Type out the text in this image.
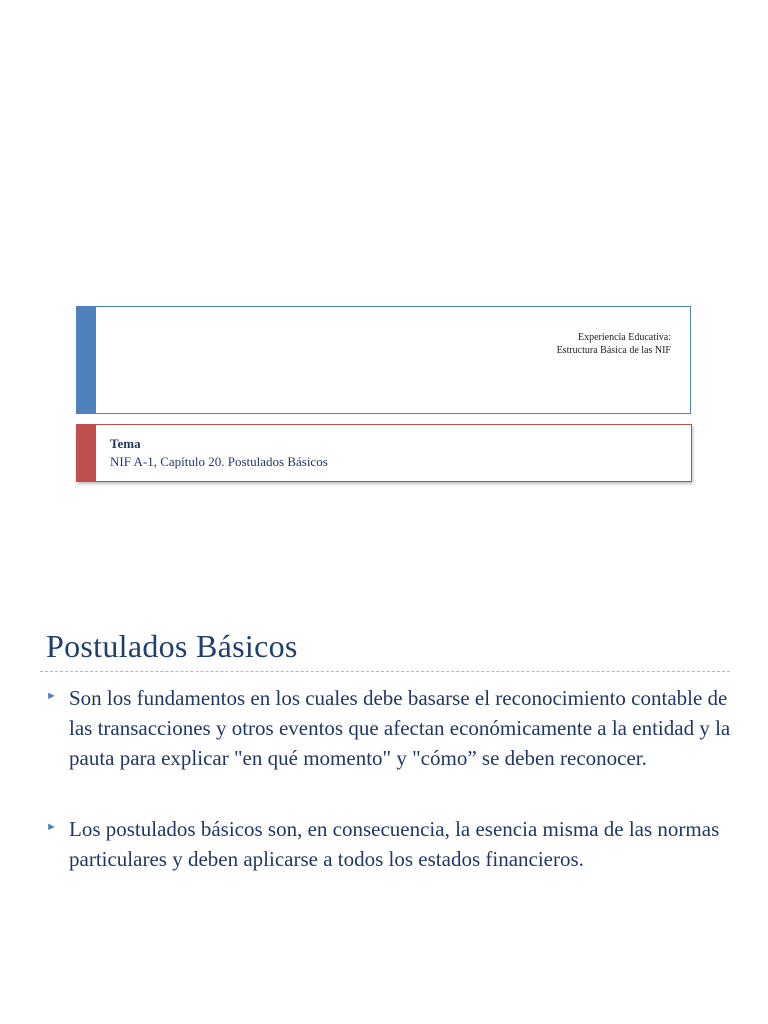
Experiencia Educativa:
Estructura Básica de las NIF
Tema
NIF A-1, Capítulo 20. Postulados Básicos
Postulados Básicos
► Son los fundamentos en los cuales debe basarse el reconocimiento contable de las transacciones y otros eventos que afectan económicamente a la entidad y la pauta para explicar "en qué momento" y "cómo” se deben reconocer.
► Los postulados básicos son, en consecuencia, la esencia misma de las normas particulares y deben aplicarse a todos los estados financieros.
